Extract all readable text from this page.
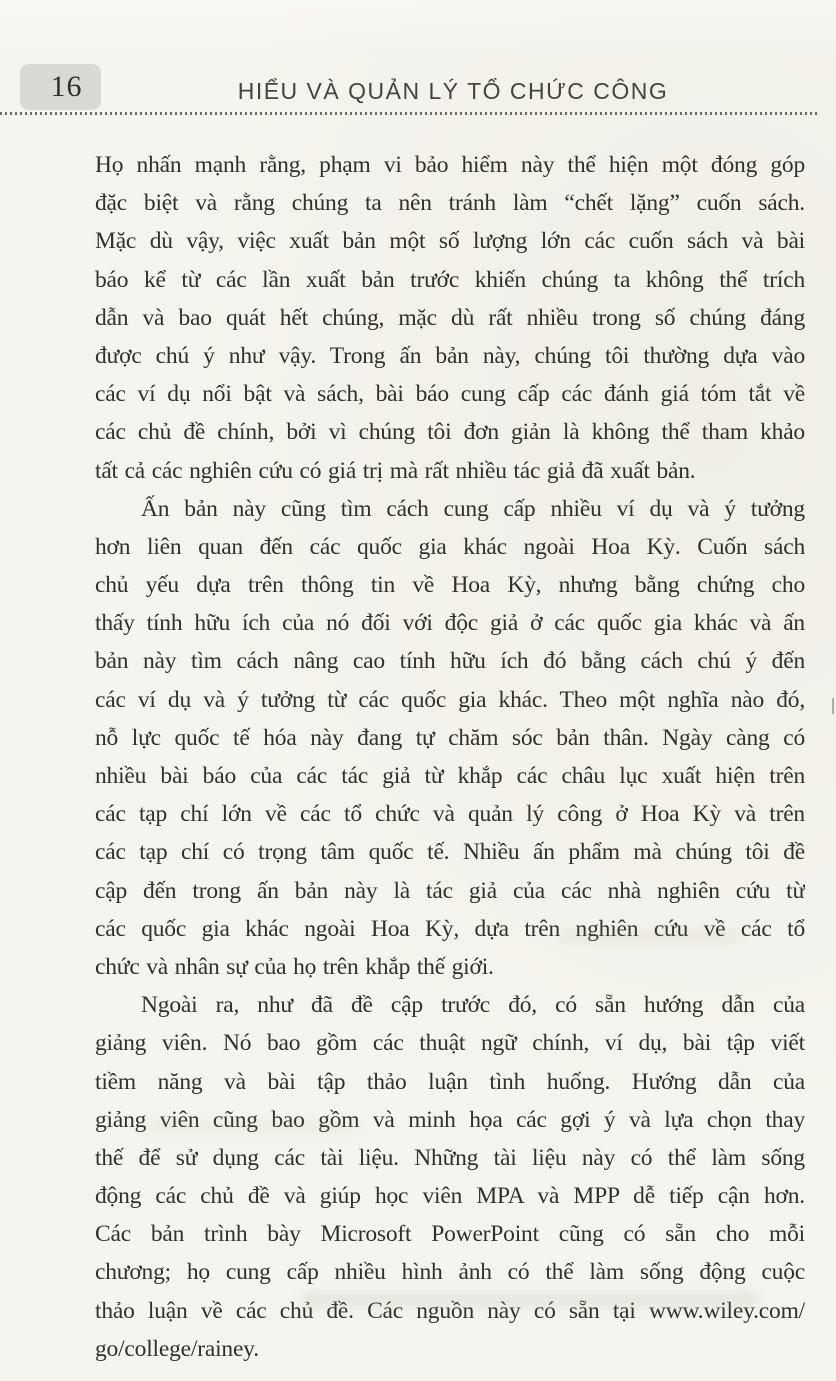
16	HIỂU VÀ QUẢN LÝ TỔ CHỨC CÔNG
Họ nhấn mạnh rằng, phạm vi bảo hiểm này thể hiện một đóng góp
đặc biệt và rằng chúng ta nên tránh làm “chết lặng” cuốn sách.
Mặc dù vậy, việc xuất bản một số lượng lớn các cuốn sách và bài
báo kể từ các lần xuất bản trước khiến chúng ta không thể trích
dẫn và bao quát hết chúng, mặc dù rất nhiều trong số chúng đáng
được chú ý như vậy. Trong ấn bản này, chúng tôi thường dựa vào
các ví dụ nổi bật và sách, bài báo cung cấp các đánh giá tóm tắt về
các chủ đề chính, bởi vì chúng tôi đơn giản là không thể tham khảo
tất cả các nghiên cứu có giá trị mà rất nhiều tác giả đã xuất bản.
Ấn bản này cũng tìm cách cung cấp nhiều ví dụ và ý tưởng
hơn liên quan đến các quốc gia khác ngoài Hoa Kỳ. Cuốn sách
chủ yếu dựa trên thông tin về Hoa Kỳ, nhưng bằng chứng cho
thấy tính hữu ích của nó đối với độc giả ở các quốc gia khác và ấn
bản này tìm cách nâng cao tính hữu ích đó bằng cách chú ý đến
các ví dụ và ý tưởng từ các quốc gia khác. Theo một nghĩa nào đó,
nỗ lực quốc tế hóa này đang tự chăm sóc bản thân. Ngày càng có
nhiều bài báo của các tác giả từ khắp các châu lục xuất hiện trên
các tạp chí lớn về các tổ chức và quản lý công ở Hoa Kỳ và trên
các tạp chí có trọng tâm quốc tế. Nhiều ấn phẩm mà chúng tôi đề
cập đến trong ấn bản này là tác giả của các nhà nghiên cứu từ
các quốc gia khác ngoài Hoa Kỳ, dựa trên nghiên cứu về các tổ
chức và nhân sự của họ trên khắp thế giới.
Ngoài ra, như đã đề cập trước đó, có sẵn hướng dẫn của
giảng viên. Nó bao gồm các thuật ngữ chính, ví dụ, bài tập viết
tiềm năng và bài tập thảo luận tình huống. Hướng dẫn của
giảng viên cũng bao gồm và minh họa các gợi ý và lựa chọn thay
thế để sử dụng các tài liệu. Những tài liệu này có thể làm sống
động các chủ đề và giúp học viên MPA và MPP dễ tiếp cận hơn.
Các bản trình bày Microsoft PowerPoint cũng có sẵn cho mỗi
chương; họ cung cấp nhiều hình ảnh có thể làm sống động cuộc
thảo luận về các chủ đề. Các nguồn này có sẵn tại www.wiley.com/
go/college/rainey.
